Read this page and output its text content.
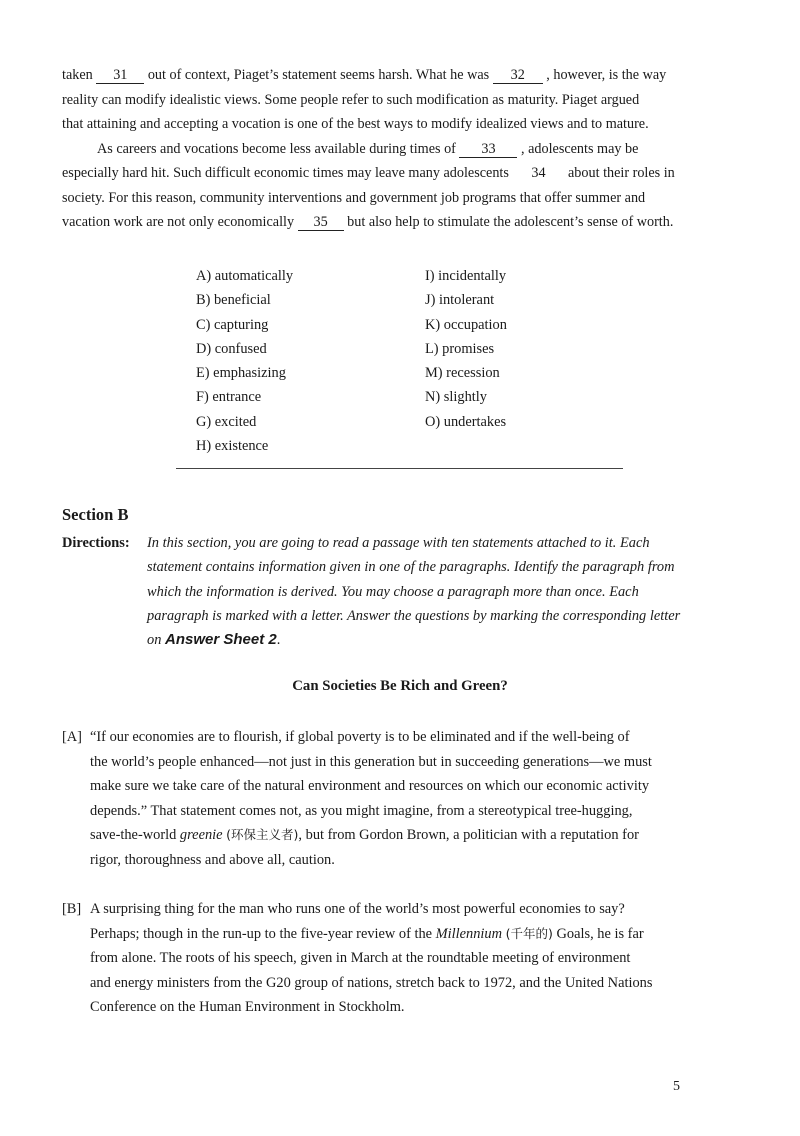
taken 31 out of context, Piaget’s statement seems harsh. What he was 32 , however, is the way
reality can modify idealistic views. Some people refer to such modification as maturity. Piaget argued
that attaining and accepting a vocation is one of the best ways to modify idealized views and to mature.
As careers and vocations become less available during times of 33 , adolescents may be
especially hard hit. Such difficult economic times may leave many adolescents 34 about their roles in
society. For this reason, community interventions and government job programs that offer summer and
vacation work are not only economically 35 but also help to stimulate the adolescent’s sense of worth.
A) automatically
B) beneficial
C) capturing
D) confused
E) emphasizing
F) entrance
G) excited
H) existence
I) incidentally
J) intolerant
K) occupation
L) promises
M) recession
N) slightly
O) undertakes
Section B
Directions: In this section, you are going to read a passage with ten statements attached to it. Each
statement contains information given in one of the paragraphs. Identify the paragraph from
which the information is derived. You may choose a paragraph more than once. Each
paragraph is marked with a letter. Answer the questions by marking the corresponding letter
on Answer Sheet 2.
Can Societies Be Rich and Green?
[A] “If our economies are to flourish, if global poverty is to be eliminated and if the well-being of
the world’s people enhanced—not just in this generation but in succeeding generations—we must
make sure we take care of the natural environment and resources on which our economic activity
depends.” That statement comes not, as you might imagine, from a stereotypical tree-hugging,
save-the-world greenie (环保主义者), but from Gordon Brown, a politician with a reputation for
rigor, thoroughness and above all, caution.
[B] A surprising thing for the man who runs one of the world’s most powerful economies to say?
Perhaps; though in the run-up to the five-year review of the Millennium (千年的) Goals, he is far
from alone. The roots of his speech, given in March at the roundtable meeting of environment
and energy ministers from the G20 group of nations, stretch back to 1972, and the United Nations
Conference on the Human Environment in Stockholm.
5
